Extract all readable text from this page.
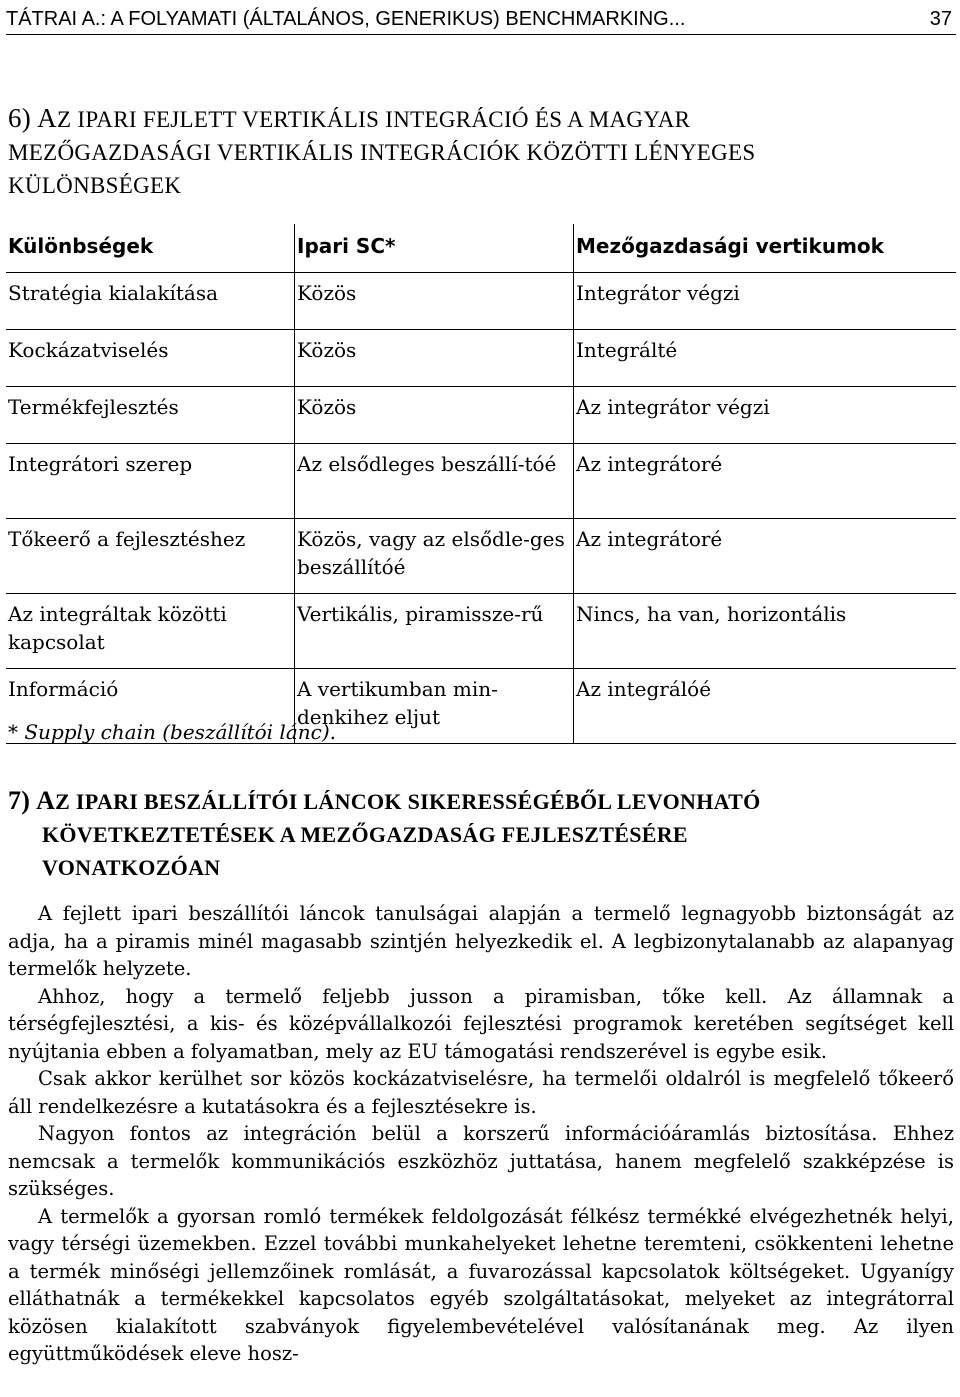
TÁTRAI A.: A FOLYAMATI (ÁLTALÁNOS, GENERIKUS) BENCHMARKING...	37
6) AZ IPARI FEJLETT VERTIKÁLIS INTEGRÁCIÓ ÉS A MAGYAR
MEZŐGAZDASÁGI VERTIKÁLIS INTEGRÁCIÓK KÖZÖTTI LÉNYEGES
KÜLÖNBSÉGEK
Különbségek	Ipari SC*	Mezőgazdasági vertikumok
Stratégia kialakítása	Közös	Integrátor végzi
Kockázatviselés	Közös	Integrálté
Termékfejlesztés	Közös	Az integrátor végzi
Integrátori szerep	Az elsődleges beszállí-tóé	Az integrátoré
Tőkeerő a fejlesztéshez	Közös, vagy az elsődle-ges beszállítóé	Az integrátoré
Az integráltak közötti kapcsolat	Vertikális, piramissze-rű	Nincs, ha van, horizontális
Információ	A vertikumban min-denkihez eljut	Az integrálóé
* Supply chain (beszállítói lánc).
7) AZ IPARI BESZÁLLÍTÓI LÁNCOK SIKERESSÉGÉBŐL LEVONHATÓ
KÖVETKEZTETÉSEK A MEZŐGAZDASÁG FEJLESZTÉSÉRE
VONATKOZÓAN

A fejlett ipari beszállítói láncok tanulságai alapján a termelő legnagyobb biztonságát az adja, ha a piramis minél magasabb szintjén helyezkedik el. A legbizonytalanabb az alapanyag termelők helyzete.

Ahhoz, hogy a termelő feljebb jusson a piramisban, tőke kell. Az államnak a térségfejlesztési, a kis- és középvállalkozói fejlesztési programok keretében segítséget kell nyújtania ebben a folyamatban, mely az EU támogatási rendszerével is egybe esik.

Csak akkor kerülhet sor közös kockázatviselésre, ha termelői oldalról is megfelelő tőkeerő áll rendelkezésre a kutatásokra és a fejlesztésekre is.

Nagyon fontos az integráción belül a korszerű információáramlás biztosítása. Ehhez nemcsak a termelők kommunikációs eszközhöz juttatása, hanem megfelelő szakképzése is szükséges.

A termelők a gyorsan romló termékek feldolgozását félkész termékké elvégezhetnék helyi, vagy térségi üzemekben. Ezzel további munkahelyeket lehetne teremteni, csökkenteni lehetne a termék minőségi jellemzőinek romlását, a fuvarozással kapcsolatok költségeket. Ugyanígy elláthatnák a termékekkel kapcsolatos egyéb szolgáltatásokat, melyeket az integrátorral közösen kialakított szabványok figyelembevételével valósítanának meg. Az ilyen együttműködések eleve hosz-
